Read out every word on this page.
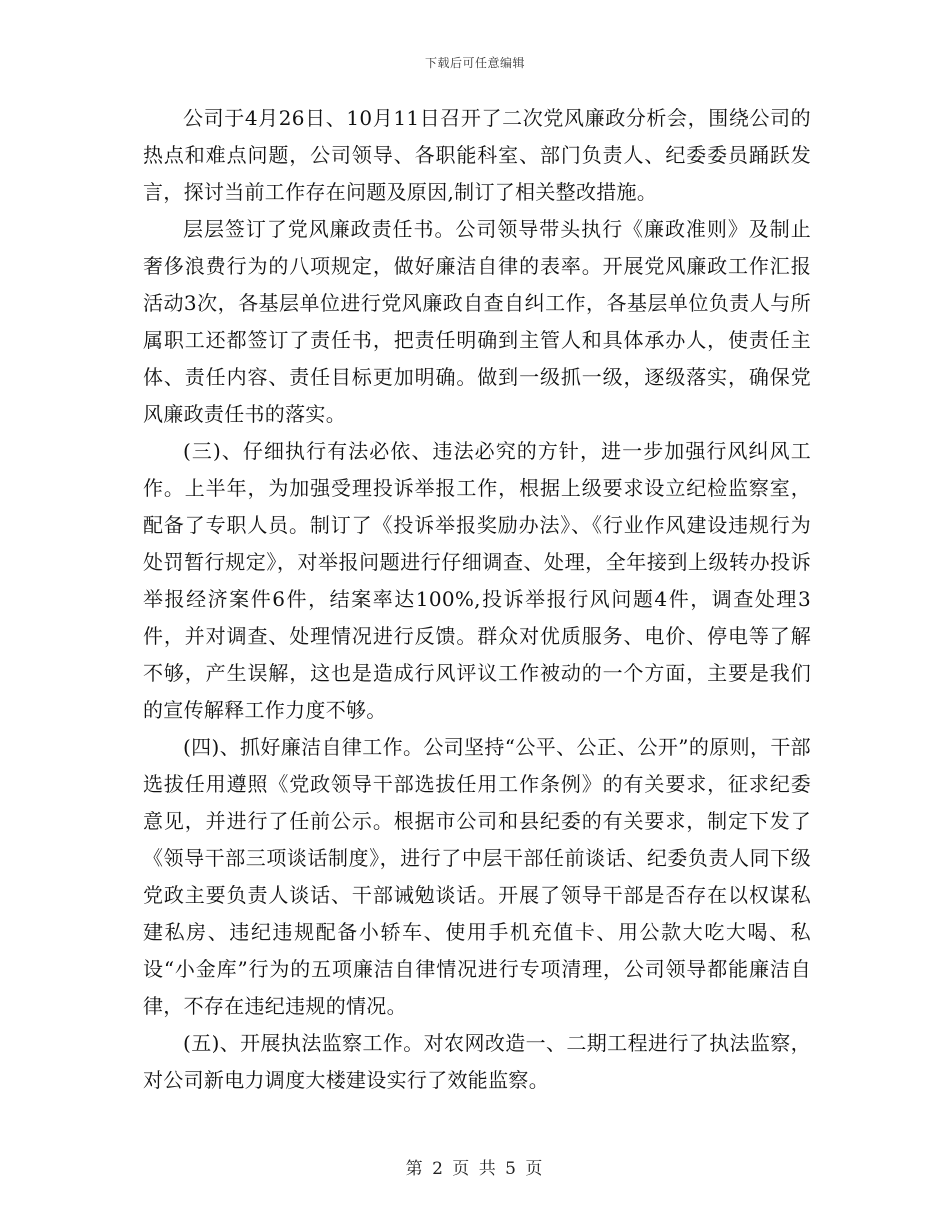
下载后可任意编辑

公司于4月26日、10月11日召开了二次党风廉政分析会，围绕公司的热点和难点问题，公司领导、各职能科室、部门负责人、纪委委员踊跃发言，探讨当前工作存在问题及原因,制订了相关整改措施。

层层签订了党风廉政责任书。公司领导带头执行《廉政准则》及制止奢侈浪费行为的八项规定，做好廉洁自律的表率。开展党风廉政工作汇报活动3次，各基层单位进行党风廉政自查自纠工作，各基层单位负责人与所属职工还都签订了责任书，把责任明确到主管人和具体承办人，使责任主体、责任内容、责任目标更加明确。做到一级抓一级，逐级落实，确保党风廉政责任书的落实。

(三)、仔细执行有法必依、违法必究的方针，进一步加强行风纠风工作。上半年，为加强受理投诉举报工作，根据上级要求设立纪检监察室，配备了专职人员。制订了《投诉举报奖励办法》、《行业作风建设违规行为处罚暂行规定》，对举报问题进行仔细调查、处理，全年接到上级转办投诉举报经济案件6件，结案率达100%,投诉举报行风问题4件，调查处理3件，并对调查、处理情况进行反馈。群众对优质服务、电价、停电等了解不够，产生误解，这也是造成行风评议工作被动的一个方面，主要是我们的宣传解释工作力度不够。

(四)、抓好廉洁自律工作。公司坚持“公平、公正、公开”的原则，干部选拔任用遵照《党政领导干部选拔任用工作条例》的有关要求，征求纪委意见，并进行了任前公示。根据市公司和县纪委的有关要求，制定下发了《领导干部三项谈话制度》，进行了中层干部任前谈话、纪委负责人同下级党政主要负责人谈话、干部诫勉谈话。开展了领导干部是否存在以权谋私建私房、违纪违规配备小轿车、使用手机充值卡、用公款大吃大喝、私设“小金库”行为的五项廉洁自律情况进行专项清理，公司领导都能廉洁自律，不存在违纪违规的情况。

(五)、开展执法监察工作。对农网改造一、二期工程进行了执法监察，对公司新电力调度大楼建设实行了效能监察。

第 2 页 共 5 页
